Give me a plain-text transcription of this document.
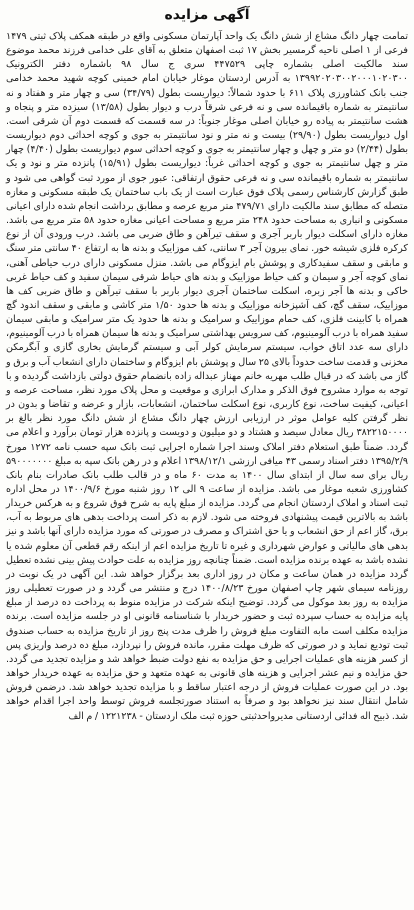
آگهی مزایده

تمامت چهار دانگ مشاع از شش دانگ یک واحد آپارتمان مسکونی واقع در طبقه همکف پلاک ثبتی ۱۴۷۹ فرعی از ۱ اصلی ناحیه گرمسیر بخش ۱۷ ثبت اصفهان متعلق به آقای علی خدامی فرزند محمد موضوع سند مالکیت اصلی بشماره چاپی ۴۴۷۵۲۹ سری ج سال ۹۸ باشماره دفتر الکترونیک ۱۳۹۹۲۰۲۰۳۰۰۲۰۰۰۱۰۲۰۳۰۰ به آدرس اردستان موغار خیابان امام خمینی کوچه شهید محمد خدامی جنب بانک کشاورزی پلاک ۶۱۱ با حدود شمالاً: دیواریست بطول (۳۴/۷۹) سی و چهار متر و هفتاد و نه سانتیمتر به شماره باقیمانده سی و نه فرعی شرقاً درب و دیوار بطول (۱۳/۵۸) سیزده متر و پنجاه و هشت سانتیمتر به پیاده رو خیابان اصلی موغار جنوباً: در سه قسمت که قسمت دوم آن شرقی است. اول دیواریست بطول (۲۹/۹۰) بیست و نه متر و نود سانتیمتر به جوی و کوچه احداثی دوم دیواریست بطول (۲/۴۴) دو متر و چهل و چهار سانتیمتر به جوی و کوچه احداثی سوم دیواریست بطول (۴/۴۰) چهار متر و چهل سانتیمتر به جوی و کوچه احداثی غرباً: دیواریست بطول (۱۵/۹۱) پانزده متر و نود و یک سانتیمتر به شماره باقیمانده سی و نه فرعی حقوق ارتفاقی: عبور جوی از مورد ثبت گواهی می شود و طبق گزارش کارشناس رسمی پلاک فوق عبارت است از یک باب ساختمان یک طبقه مسکونی و مغازه متصله که مطابق سند مالکیت دارای ۴۷۹/۷۱ متر مربع عرصه و مطابق برداشت انجام شده دارای اعیانی مسکونی و انباری به مساحت حدود ۲۴۸ متر مربع و مساحت اعیانی مغازه حدود ۵۸ متر مربع می باشد. مغازه دارای اسکلت دیوار باربر آجری و سقف تیرآهن و طاق ضربی می باشد. درب ورودی آن از نوع کرکره فلزی شیشه خور. نمای بیرون آجر ۳ سانتی، کف موزاییک و بدنه ها به ارتفاع ۴۰ سانتی متر سنگ و مابقی و سقف سفیدکاری و پوشش بام ایزوگام می باشد. منزل مسکونی دارای درب حیاطی آهنی، نمای کوچه آجر و سیمان و کف حیاط موزاییک و بدنه های حیاط شرقی سیمان سفید و کف حیاط غربی خاکی و بدنه ها آجر زبره، اسکلت ساختمان آجری دیوار باربر با سقف تیرآهن و طاق ضربی کف ها موزاییک، سقف گچ، کف آشپزخانه موزاییک و بدنه ها حدود ۱/۵۰ متر کاشی و مابقی و سقف اندود گچ همراه با کابینت فلزی، کف حمام موزاییک و سرامیک و بدنه ها حدود یک متر سرامیک و مابقی سیمان سفید همراه با درب آلومینیوم، کف سرویس بهداشتی سرامیک و بدنه ها سیمان همراه با درب آلومینیوم، دارای سه عدد اتاق خواب، سیستم سرمایش کولر آبی و سیستم گرمایش بخاری گازی و آبگرمکن مخزنی و قدمت ساخت حدوداً بالای ۲۵ سال و پوشش بام ایزوگام و ساختمان دارای انشعاب آب و برق و گاز می باشد که در قبال طلب مهریه خانم مهناز عبداله زاده بانضمام حقوق دولتی بازداشت گردیده و با توجه به موارد مشروح فوق الذکر و مدارک ابرازی و موقعیت و محل پلاک مورد نظر، مساحت عرصه و اعیانی، کیفیت ساخت، نوع کاربری، نوع اسکلت ساختمان، انشعابات، بازار و عرضه و تقاضا و بدون در نظر گرفتن کلیه عوامل موثر در ارزیابی ارزش چهار دانگ مشاع از شش دانگ مورد نظر بالغ بر ۳۸۲۲۱۵۰۰۰۰ ریال معادل سیصد و هشتاد و دو میلیون و دویست و پانزده هزار تومان برآورد و اعلام می گردد. ضمناً طبق استعلام دفتر املاک وسند اجرا شماره اجرایی ثبت بانک سپه حسب نامه ۱۲۷۲ مورخ ۱۳۹۵/۲/۹ دفتر اسناد رسمی ۴۳ میافی ارزشی ۱۳۹۸/۱۲/۱ اعلام و در رهن بانک سپه به مبلغ ۵۹۰۰۰۰۰۰۰ ریال برای سه سال از ابتدای سال ۱۴۰۰ به مدت ۶۰ ماه و در قالب طلب بانک صادرات بنام بانک کشاورزی شعبه موغار می باشد. مزایده از ساعت ۹ الی ۱۲ روز شنبه مورخ ۱۴۰۰/۹/۶ در محل اداره ثبت اسناد و املاک اردستان انجام می گردد. مزایده از مبلغ پایه به شرح فوق شروع و به هرکس خریدار باشد به بالاترین قیمت پیشنهادی فروخته می شود. لازم به ذکر است پرداخت بدهی های مربوط به آب، برق، گاز اعم از حق انشعاب و یا حق اشتراک و مصرف در صورتی که مورد مزایده دارای آنها باشد و نیز بدهی های مالیاتی و عوارض شهرداری و غیره تا تاریخ مزایده اعم از اینکه رقم قطعی آن معلوم شده یا نشده باشد به عهده برنده مزایده است. ضمناً چنانچه روز مزایده به علت حوادث پیش بینی نشده تعطیل گردد مزایده در همان ساعت و مکان در روز اداری بعد برگزار خواهد شد. این آگهی در یک نوبت در روزنامه سیمای شهر چاپ اصفهان مورخ ۱۴۰۰/۸/۲۳ درج و منتشر می گردد و در صورت تعطیلی روز مزایده به روز بعد موکول می گردد. توضیح اینکه شرکت در مزایده منوط به پرداخت ده درصد از مبلغ پایه مزایده به حساب سپرده ثبت و حضور خریدار با شناسنامه قانونی او در جلسه مزایده است. برنده مزایده مکلف است مابه التفاوت مبلغ فروش را ظرف مدت پنج روز از تاریخ مزایده به حساب صندوق ثبت تودیع نماید و در صورتی که ظرف مهلت مقرر، مانده فروش را نپردازد، مبلغ ده درصد واریزی پس از کسر هزینه های عملیات اجرایی و حق مزایده به نفع دولت ضبط خواهد شد و مزایده تجدید می گردد. حق مزایده و نیم عشر اجرایی و هزینه های قانونی به عهده متعهد و حق مزایده به عهده خریدار خواهد بود. در این صورت عملیات فروش از درجه اعتبار ساقط و با مزایده تجدید خواهد شد. درضمن فروش شامل انتقال سند نیز نخواهد بود و صرفاً به استناد صورتجلسه فروش توسط واحد اجرا اقدام خواهد شد. ذبیح اله فدائی اردستانی مدیرواحدثبتی حوزه ثبت ملک اردستان - ۱۲۲۱۲۳۸ / م الف
